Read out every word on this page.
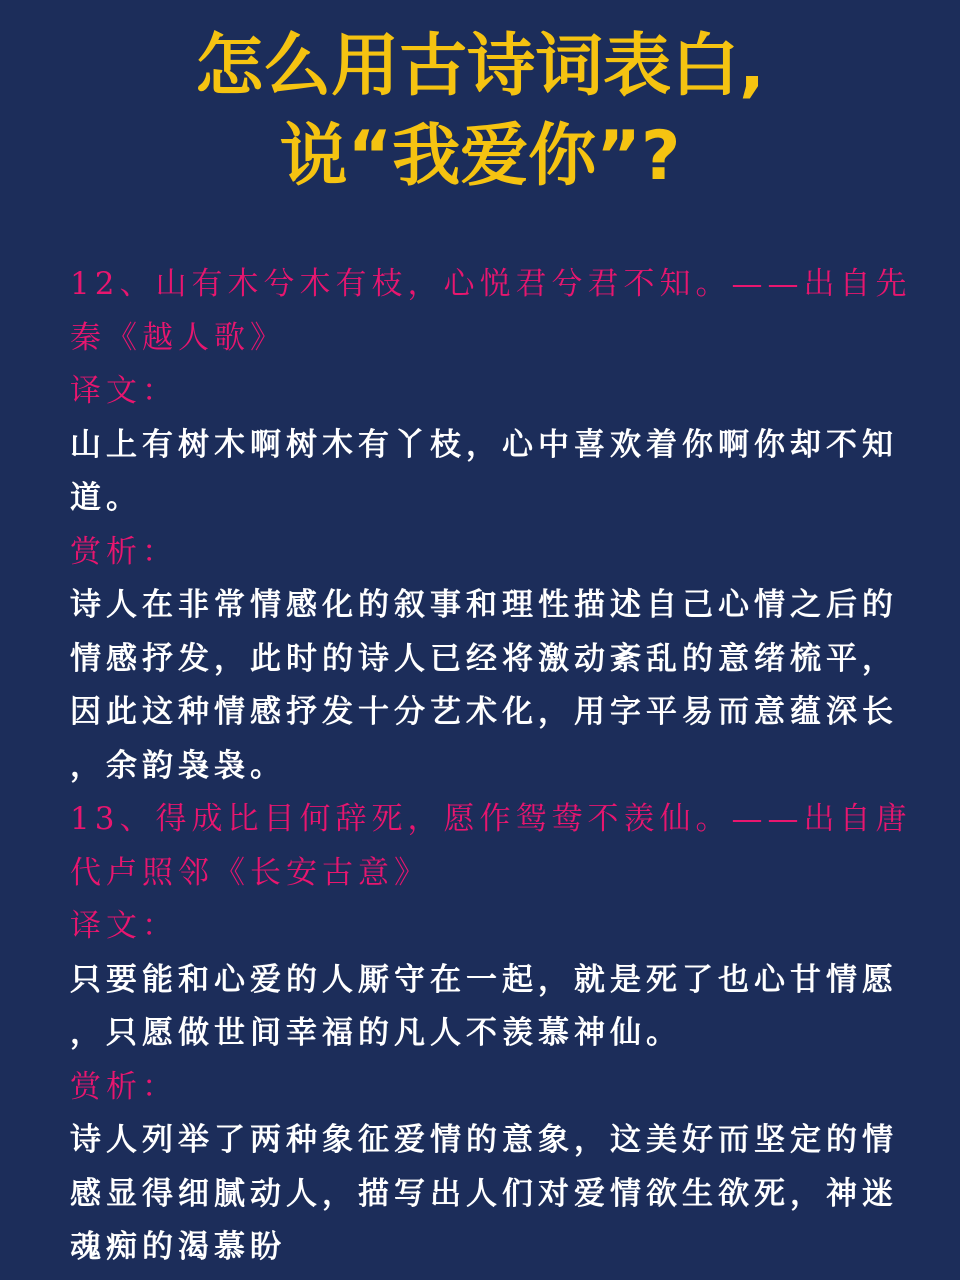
怎么用古诗词表白,
说“我爱你”?
12、山有木兮木有枝，心悦君兮君不知。——出自先
秦《越人歌》
译文：
山上有树木啊树木有丫枝，心中喜欢着你啊你却不知
道。
赏析：
诗人在非常情感化的叙事和理性描述自己心情之后的
情感抒发，此时的诗人已经将激动紊乱的意绪梳平，
因此这种情感抒发十分艺术化，用字平易而意蕴深长
，余韵袅袅。
13、得成比目何辞死，愿作鸳鸯不羡仙。——出自唐
代卢照邻《长安古意》
译文：
只要能和心爱的人厮守在一起，就是死了也心甘情愿
，只愿做世间幸福的凡人不羡慕神仙。
赏析：
诗人列举了两种象征爱情的意象，这美好而坚定的情
感显得细腻动人，描写出人们对爱情欲生欲死，神迷
魂痴的渴慕盼
